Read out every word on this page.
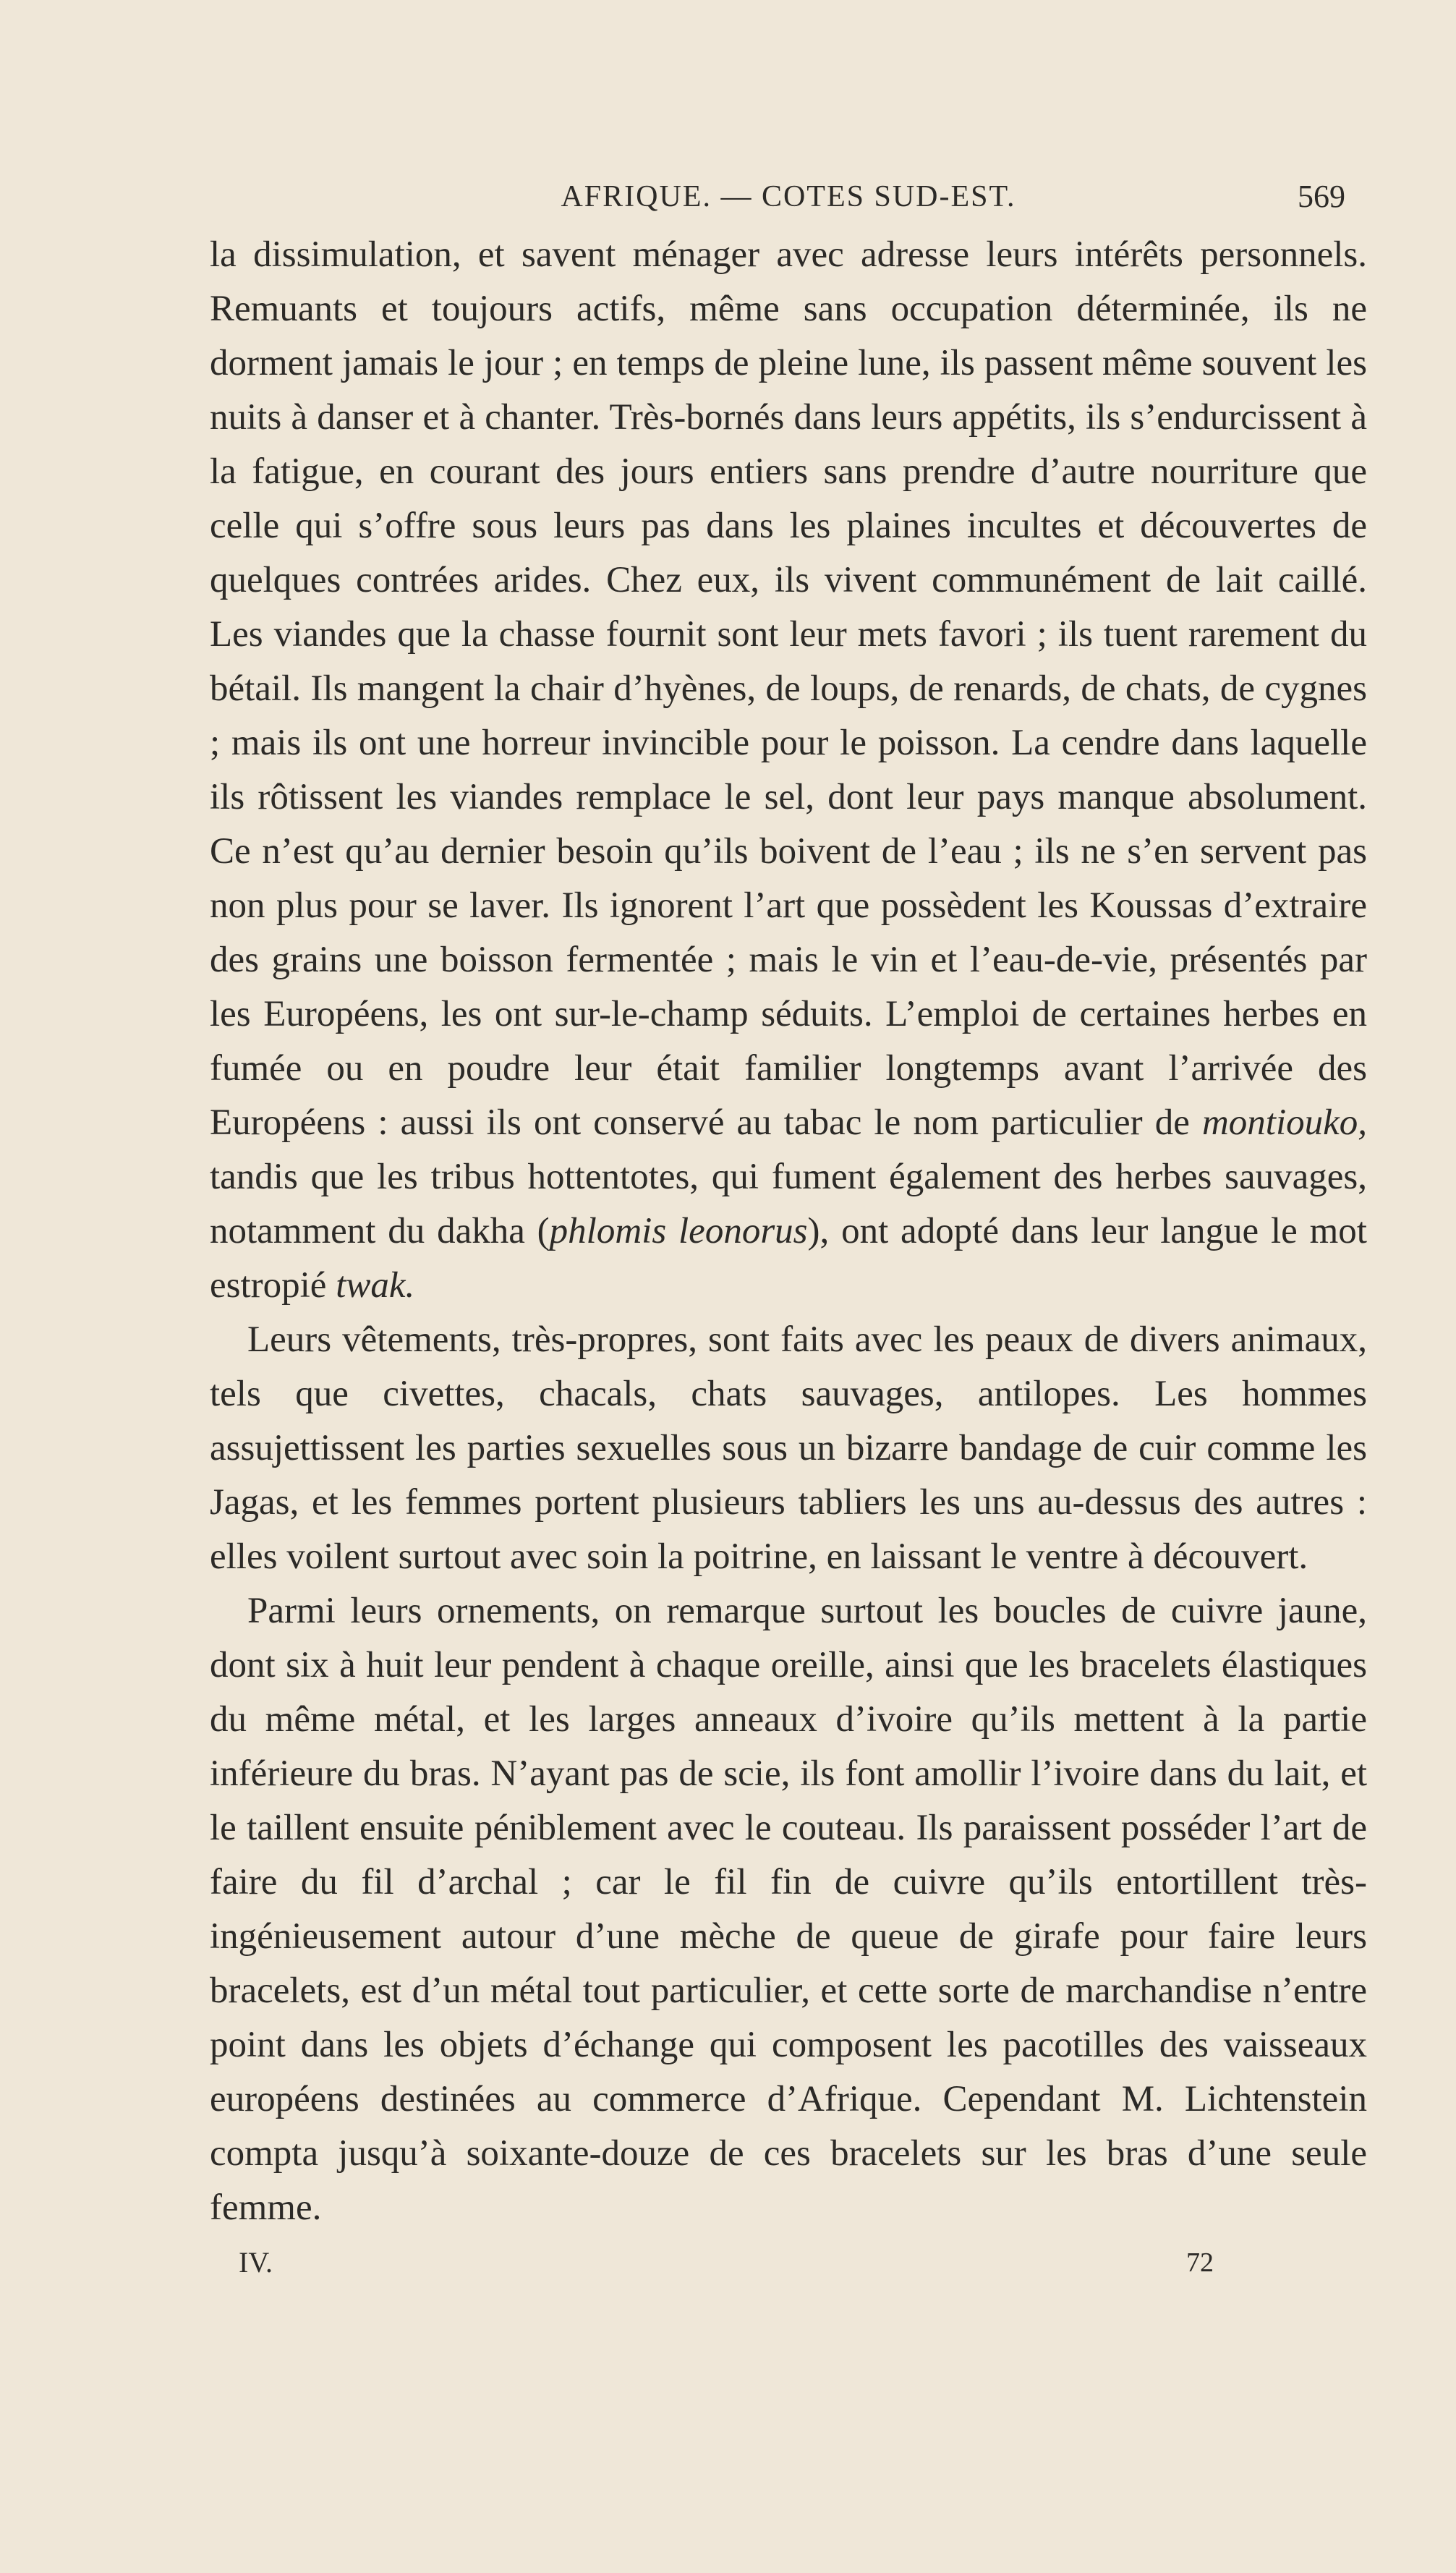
AFRIQUE. — COTES SUD-EST.	569

la dissimulation, et savent ménager avec adresse leurs intérêts personnels. Remuants et toujours actifs, même sans occupation déterminée, ils ne dorment jamais le jour ; en temps de pleine lune, ils passent même souvent les nuits à danser et à chanter. Très-bornés dans leurs appétits, ils s’endurcissent à la fatigue, en courant des jours entiers sans prendre d’autre nourriture que celle qui s’offre sous leurs pas dans les plaines incultes et découvertes de quelques contrées arides. Chez eux, ils vivent communément de lait caillé. Les viandes que la chasse fournit sont leur mets favori ; ils tuent rarement du bétail. Ils mangent la chair d’hyènes, de loups, de renards, de chats, de cygnes ; mais ils ont une horreur invincible pour le poisson. La cendre dans laquelle ils rôtissent les viandes remplace le sel, dont leur pays manque absolument. Ce n’est qu’au dernier besoin qu’ils boivent de l’eau ; ils ne s’en servent pas non plus pour se laver. Ils ignorent l’art que possèdent les Koussas d’extraire des grains une boisson fermentée ; mais le vin et l’eau-de-vie, présentés par les Européens, les ont sur-le-champ séduits. L’emploi de certaines herbes en fumée ou en poudre leur était familier longtemps avant l’arrivée des Européens : aussi ils ont conservé au tabac le nom particulier de montiouko, tandis que les tribus hottentotes, qui fument également des herbes sauvages, notamment du dakha (phlomis leonorus), ont adopté dans leur langue le mot estropié twak.

Leurs vêtements, très-propres, sont faits avec les peaux de divers animaux, tels que civettes, chacals, chats sauvages, antilopes. Les hommes assujettissent les parties sexuelles sous un bizarre bandage de cuir comme les Jagas, et les femmes portent plusieurs tabliers les uns au-dessus des autres : elles voilent surtout avec soin la poitrine, en laissant le ventre à découvert.

Parmi leurs ornements, on remarque surtout les boucles de cuivre jaune, dont six à huit leur pendent à chaque oreille, ainsi que les bracelets élastiques du même métal, et les larges anneaux d’ivoire qu’ils mettent à la partie inférieure du bras. N’ayant pas de scie, ils font amollir l’ivoire dans du lait, et le taillent ensuite péniblement avec le couteau. Ils paraissent posséder l’art de faire du fil d’archal ; car le fil fin de cuivre qu’ils entortillent très-ingénieusement autour d’une mèche de queue de girafe pour faire leurs bracelets, est d’un métal tout particulier, et cette sorte de marchandise n’entre point dans les objets d’échange qui composent les pacotilles des vaisseaux européens destinées au commerce d’Afrique. Cependant M. Lichtenstein compta jusqu’à soixante-douze de ces bracelets sur les bras d’une seule femme.

IV.	72
